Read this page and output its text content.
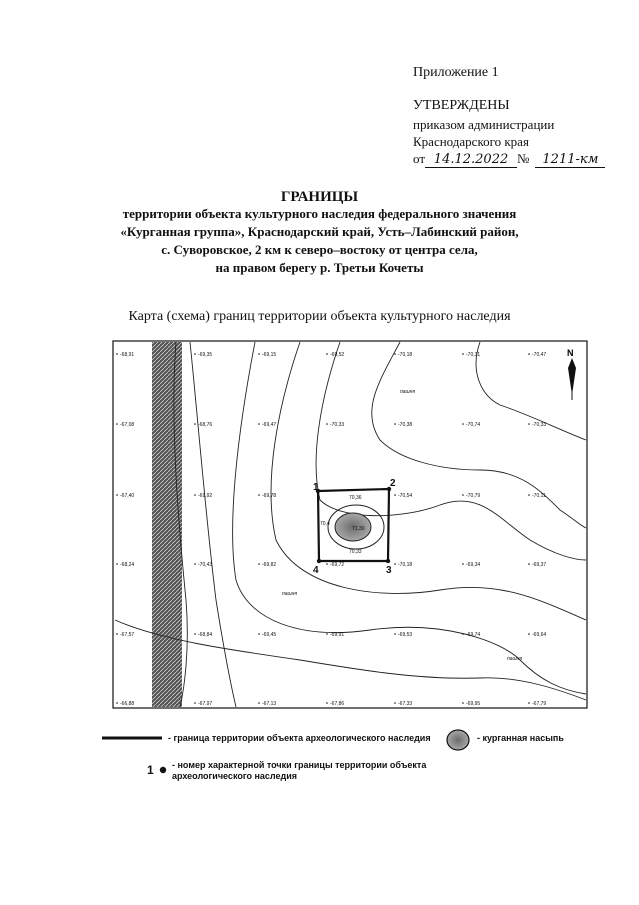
Приложение 1
УТВЕРЖДЕНЫ
приказом администрации
Краснодарского края
от 14.12.2022 № 1211-км
ГРАНИЦЫ
территории объекта культурного наследия федерального значения
«Курганная группа», Краснодарский край, Усть–Лабинский район,
с. Суворовское, 2 км к северо–востоку от центра села,
на правом берегу р. Третьи Кочеты
Карта (схема) границ территории объекта культурного наследия
1	2
3
4
70,36
70,4
71,30
70,33
N
-68,91	-69,35	-69,15	-69,52	-70,18	-70,31	-70,47
-67,08	-68,76	-69,47	-70,33	-70,38	-70,74	-70,33
-67,40	-69,92	-69,78	-70,54	-70,79	-70,11
-68,24	-70,43	-69,82	-69,72	-70,18	-69,34	-69,37
-67,57	-68,84	-69,45	-69,91	-69,53	-69,74	-69,64
-66,88	-67,97	-67,13	-67,86	-67,33	-69,95	-67,79
пашня
пашня
пашня
1
- граница территории объекта археологического наследия	- курганная насыпь
- номер характерной точки границы территории объекта археологического наследия
